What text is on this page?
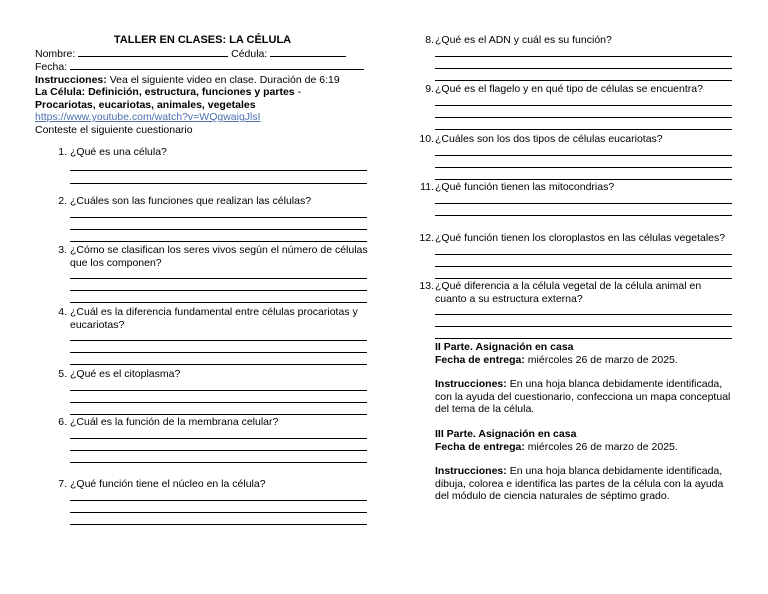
TALLER EN CLASES: LA CÉLULA
Nombre:	Cédula:
Fecha:
Instrucciones: Vea el siguiente video en clase. Duración de 6:19
La Célula: Definición, estructura, funciones y partes -
Procariotas, eucariotas, animales, vegetales
https://www.youtube.com/watch?v=WQgwaigJlsI
Conteste el siguiente cuestionario
1. ¿Qué es una célula?
2. ¿Cuáles son las funciones que realizan las células?
3. ¿Cómo se clasifican los seres vivos según el número de células que los componen?
4. ¿Cuál es la diferencia fundamental entre células procariotas y eucariotas?
5. ¿Qué es el citoplasma?
6. ¿Cuál es la función de la membrana celular?
7. ¿Qué función tiene el núcleo en la célula?
8. ¿Qué es el ADN y cuál es su función?
9. ¿Qué es el flagelo y en qué tipo de células se encuentra?
10. ¿Cuáles son los dos tipos de células eucariotas?
11. ¿Qué función tienen las mitocondrias?
12. ¿Qué función tienen los cloroplastos en las células vegetales?
13. ¿Qué diferencia a la célula vegetal de la célula animal en cuanto a su estructura externa?

II Parte. Asignación en casa

Fecha de entrega: miércoles 26 de marzo de 2025.

Instrucciones: En una hoja blanca debidamente identificada, con la ayuda del cuestionario, confecciona un mapa conceptual del tema de la célula.

III Parte. Asignación en casa

Fecha de entrega: miércoles 26 de marzo de 2025.

Instrucciones: En una hoja blanca debidamente identificada, dibuja, colorea e identifica las partes de la célula con la ayuda del módulo de ciencia naturales de séptimo grado.
